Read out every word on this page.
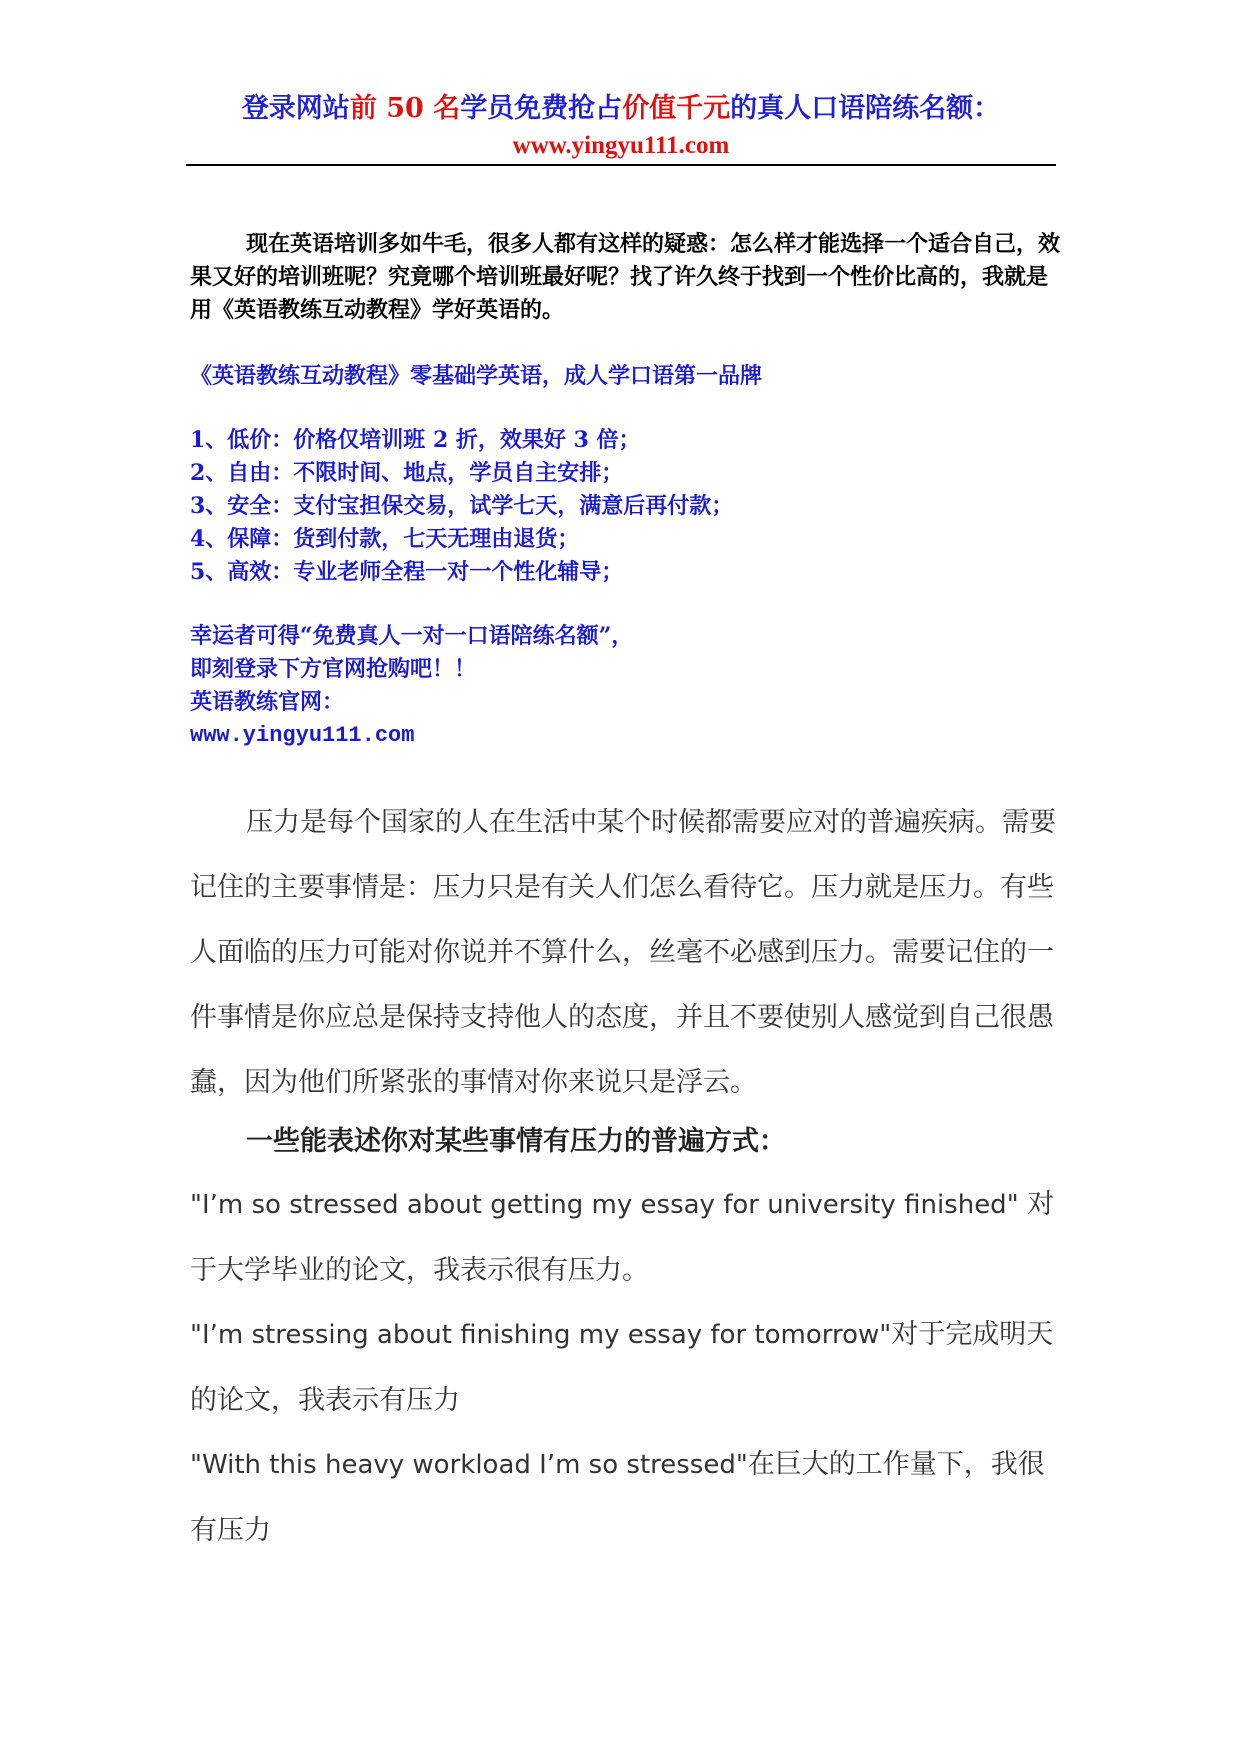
登录网站前 50 名学员免费抢占价值千元的真人口语陪练名额：
www.yingyu111.com
现在英语培训多如牛毛，很多人都有这样的疑惑：怎么样才能选择一个适合自己，效果又好的培训班呢？究竟哪个培训班最好呢？找了许久终于找到一个性价比高的，我就是用《英语教练互动教程》学好英语的。
《英语教练互动教程》零基础学英语，成人学口语第一品牌
1、低价：价格仅培训班 2 折，效果好 3 倍；
2、自由：不限时间、地点，学员自主安排；
3、安全：支付宝担保交易，试学七天，满意后再付款；
4、保障：货到付款，七天无理由退货；
5、高效：专业老师全程一对一个性化辅导；
幸运者可得“免费真人一对一口语陪练名额”，
即刻登录下方官网抢购吧！！
英语教练官网：
www.yingyu111.com
压力是每个国家的人在生活中某个时候都需要应对的普遍疾病。需要记住的主要事情是：压力只是有关人们怎么看待它。压力就是压力。有些人面临的压力可能对你说并不算什么，丝毫不必感到压力。需要记住的一件事情是你应总是保持支持他人的态度，并且不要使别人感觉到自己很愚蠢，因为他们所紧张的事情对你来说只是浮云。
一些能表述你对某些事情有压力的普遍方式：
"I’m so stressed about getting my essay for university finished" 对于大学毕业的论文，我表示很有压力。
"I’m stressing about finishing my essay for tomorrow"对于完成明天的论文，我表示有压力
"With this heavy workload I’m so stressed"在巨大的工作量下，我很有压力
